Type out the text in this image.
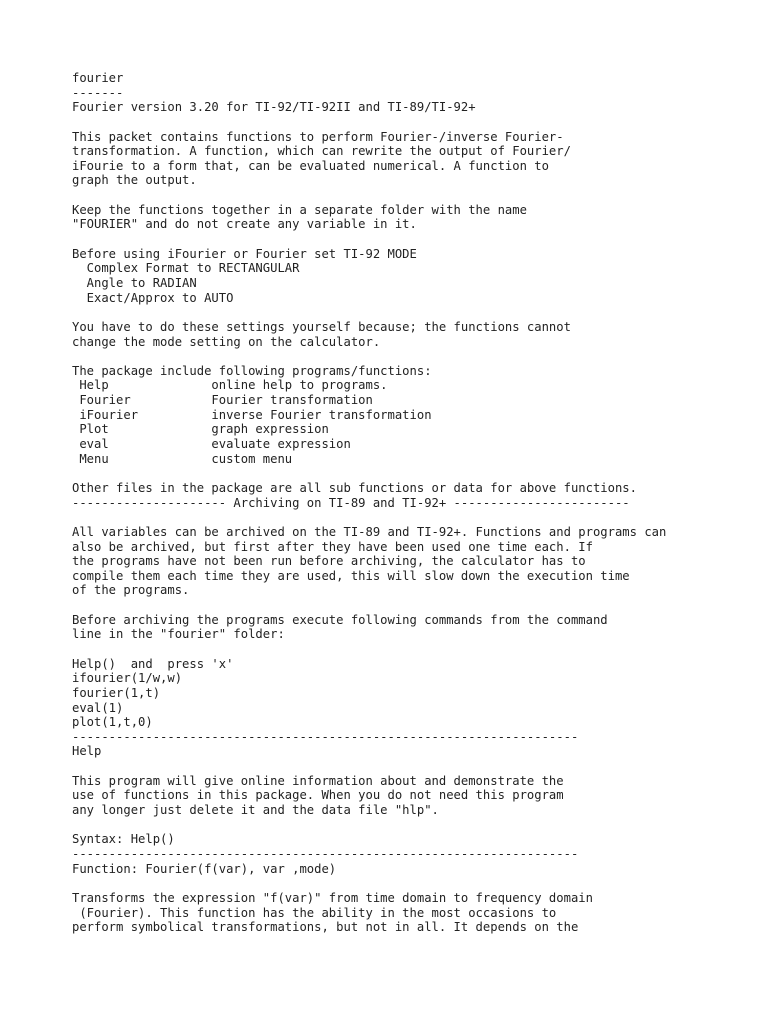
fourier
-------
Fourier version 3.20 for TI-92/TI-92II and TI-89/TI-92+
This packet contains functions to perform Fourier-/inverse Fourier-
transformation. A function, which can rewrite the output of Fourier/
iFourie to a form that, can be evaluated numerical. A function to
graph the output.
Keep the functions together in a separate folder with the name
"FOURIER" and do not create any variable in it.
Before using iFourier or Fourier set TI-92 MODE
Complex Format to RECTANGULAR
Angle to RADIAN
Exact/Approx to AUTO
You have to do these settings yourself because; the functions cannot
change the mode setting on the calculator.
The package include following programs/functions:
Help              online help to programs.
Fourier           Fourier transformation
iFourier          inverse Fourier transformation
Plot              graph expression
eval              evaluate expression
Menu              custom menu
Other files in the package are all sub functions or data for above functions.
--------------------- Archiving on TI-89 and TI-92+ ------------------------
All variables can be archived on the TI-89 and TI-92+. Functions and programs can
also be archived, but first after they have been used one time each. If
the programs have not been run before archiving, the calculator has to
compile them each time they are used, this will slow down the execution time
of the programs.
Before archiving the programs execute following commands from the command
line in the "fourier" folder:
Help()  and  press 'x'
ifourier(1/w,w)
fourier(1,t)
eval(1)
plot(1,t,0)
---------------------------------------------------------------------
Help
This program will give online information about and demonstrate the
use of functions in this package. When you do not need this program
any longer just delete it and the data file "hlp".
Syntax: Help()
---------------------------------------------------------------------
Function: Fourier(f(var), var ,mode)
Transforms the expression "f(var)" from time domain to frequency domain
(Fourier). This function has the ability in the most occasions to
perform symbolical transformations, but not in all. It depends on the
